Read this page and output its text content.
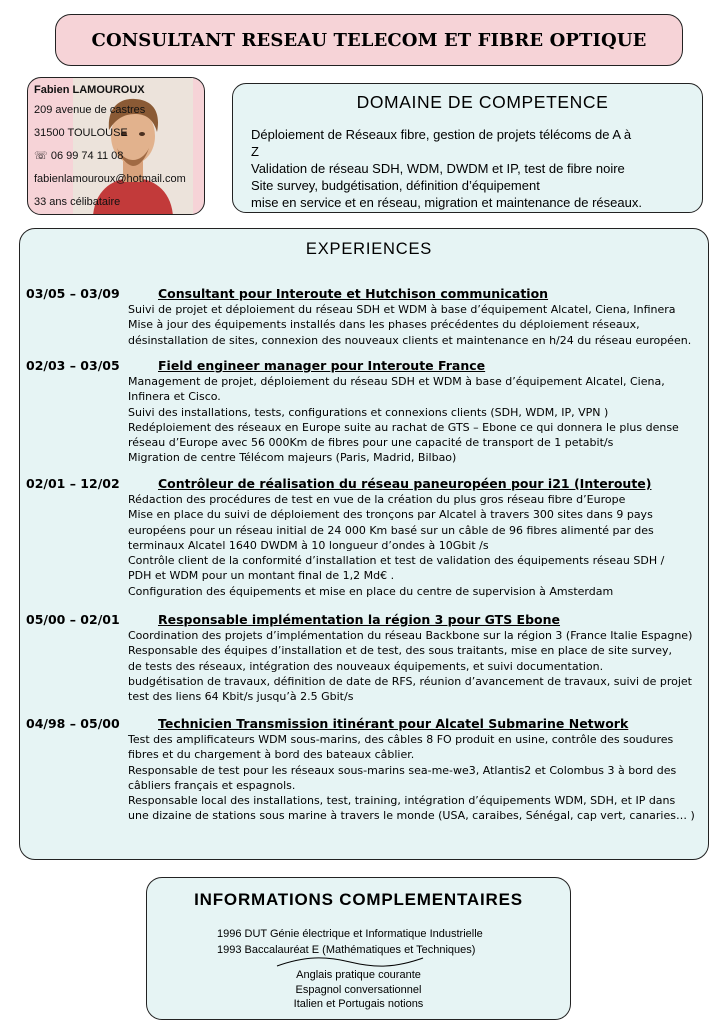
CONSULTANT RESEAU TELECOM ET FIBRE OPTIQUE
Fabien LAMOUROUX
209 avenue de castres
31500 TOULOUSE
☏ 06 99 74 11 08
fabienlamouroux@hotmail.com
33 ans célibataire
DOMAINE DE COMPETENCE
Déploiement de Réseaux fibre, gestion de projets télécoms de A à
Z
Validation de réseau SDH, WDM, DWDM et IP, test de fibre noire
Site survey, budgétisation, définition d’équipement
mise en service et en réseau, migration et maintenance de réseaux.
EXPERIENCES
03/05 – 03/09	Consultant pour Interoute et Hutchison communication
Suivi de projet et déploiement du réseau SDH et WDM à base d’équipement Alcatel, Ciena, Infinera
Mise à jour des équipements installés dans les phases précédentes du déploiement réseaux,
désinstallation de sites, connexion des nouveaux clients et maintenance en h/24 du réseau européen.
02/03 – 03/05	Field engineer manager pour Interoute France
Management de projet, déploiement du réseau SDH et WDM à base d’équipement Alcatel, Ciena,
Infinera et Cisco.
Suivi des installations, tests, configurations et connexions clients (SDH, WDM, IP, VPN )
Redéploiement des réseaux en Europe suite au rachat de GTS – Ebone ce qui donnera le plus dense
réseau d’Europe avec 56 000Km de fibres pour une capacité de transport de 1 petabit/s
Migration de centre Télécom majeurs (Paris, Madrid, Bilbao)
02/01 – 12/02	Contrôleur de réalisation du réseau paneuropéen pour i21 (Interoute)
Rédaction des procédures de test en vue de la création du plus gros réseau fibre d’Europe
Mise en place du suivi de déploiement des tronçons par Alcatel à travers 300 sites dans 9 pays
européens pour un réseau initial de 24 000 Km basé sur un câble de 96 fibres alimenté par des
terminaux Alcatel 1640 DWDM à 10 longueur d’ondes à 10Gbit /s
Contrôle client de la conformité d’installation et test de validation des équipements réseau SDH /
PDH et WDM pour un montant final de 1,2 Md€ .
Configuration des équipements et mise en place du centre de supervision à Amsterdam
05/00 – 02/01	Responsable implémentation la région 3 pour GTS Ebone
Coordination des projets d’implémentation du réseau Backbone sur la région 3 (France Italie Espagne)
Responsable des équipes d’installation et de test, des sous traitants, mise en place de site survey,
de tests des réseaux, intégration des nouveaux équipements, et suivi documentation.
budgétisation de travaux, définition de date de RFS, réunion d’avancement de travaux, suivi de projet
test des liens 64 Kbit/s jusqu’à 2.5 Gbit/s
04/98 – 05/00	Technicien Transmission itinérant pour Alcatel Submarine Network
Test des amplificateurs WDM sous-marins, des câbles 8 FO produit en usine, contrôle des soudures
fibres et du chargement à bord des bateaux câblier.
Responsable de test pour les réseaux sous-marins sea-me-we3, Atlantis2 et Colombus 3 à bord des
câbliers français et espagnols.
Responsable local des installations, test, training, intégration d’équipements WDM, SDH, et IP dans
une dizaine de stations sous marine à travers le monde (USA, caraibes, Sénégal, cap vert, canaries… )
INFORMATIONS COMPLEMENTAIRES
1996 DUT Génie électrique et Informatique Industrielle
1993 Baccalauréat E (Mathématiques et Techniques)
Anglais pratique courante
Espagnol conversationnel
Italien et Portugais notions
